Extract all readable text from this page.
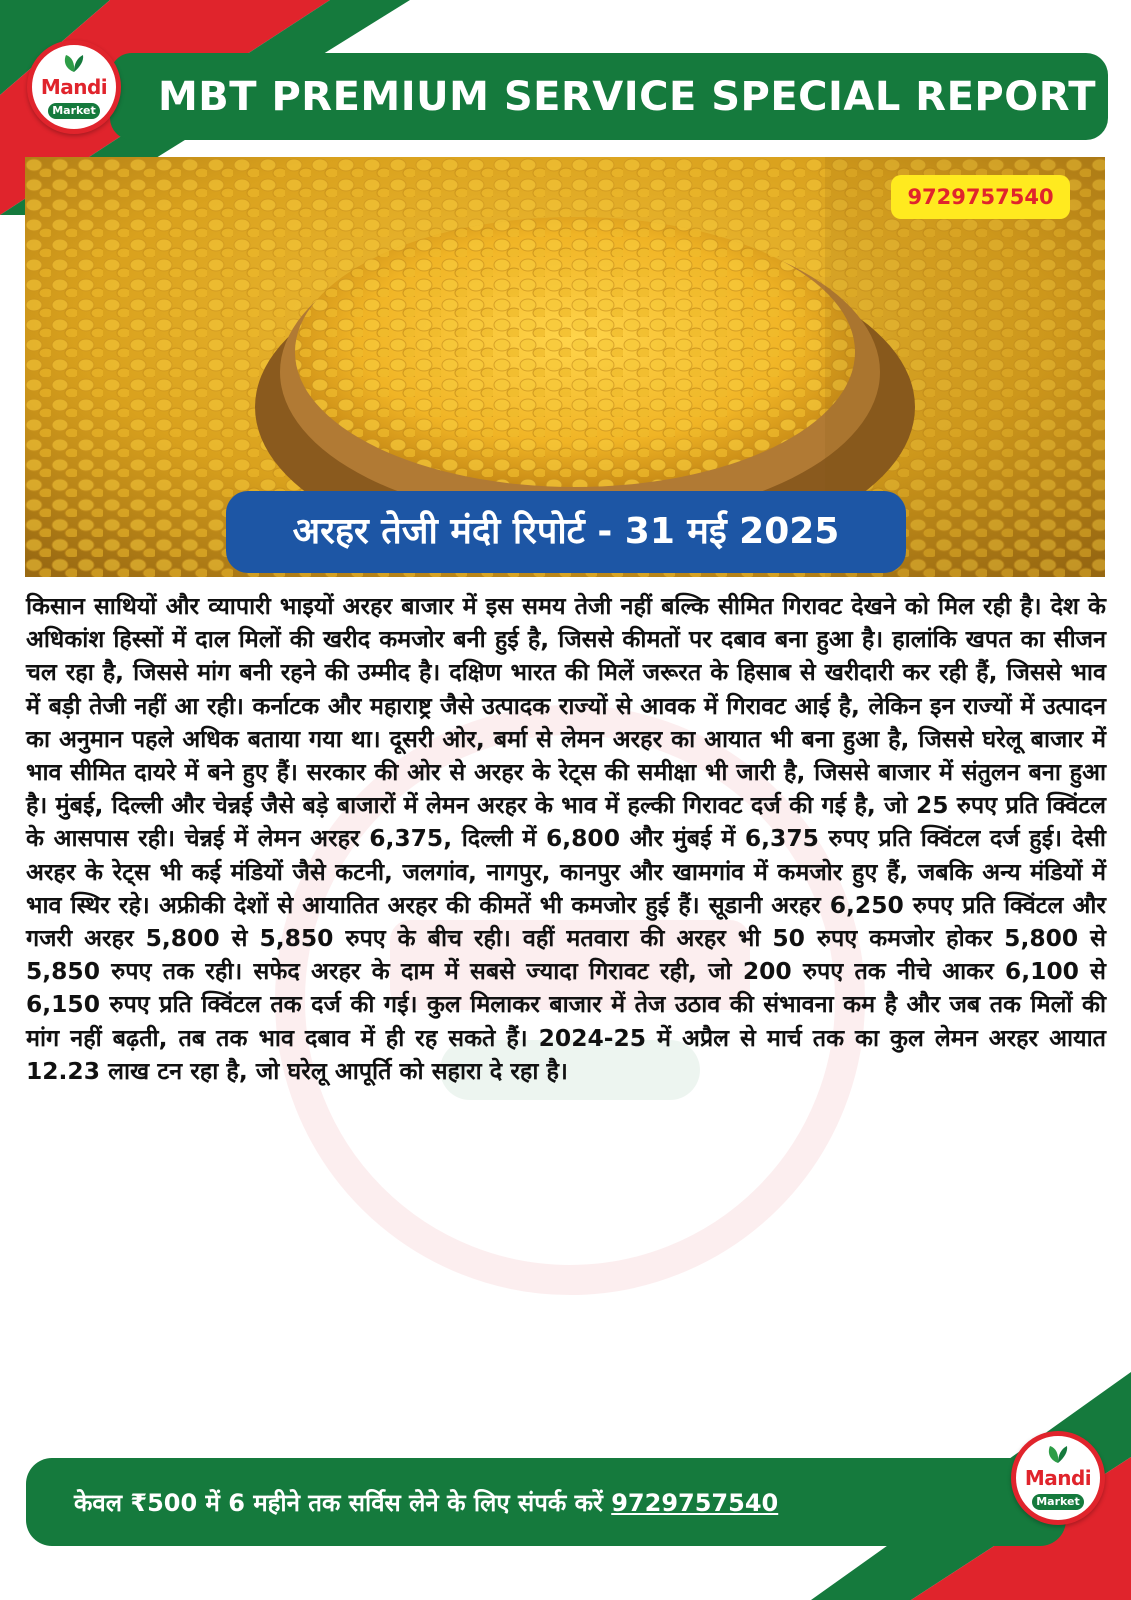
MBT PREMIUM SERVICE SPECIAL REPORT
Mandi
Market
9729757540
अरहर तेजी मंदी रिपोर्ट - 31 मई 2025
किसान साथियों और व्यापारी भाइयों अरहर बाजार में इस समय तेजी नहीं बल्कि सीमित गिरावट देखने को मिल रही है। देश के अधिकांश हिस्सों में दाल मिलों की खरीद कमजोर बनी हुई है, जिससे कीमतों पर दबाव बना हुआ है। हालांकि खपत का सीजन चल रहा है, जिससे मांग बनी रहने की उम्मीद है। दक्षिण भारत की मिलें जरूरत के हिसाब से खरीदारी कर रही हैं, जिससे भाव में बड़ी तेजी नहीं आ रही। कर्नाटक और महाराष्ट्र जैसे उत्पादक राज्यों से आवक में गिरावट आई है, लेकिन इन राज्यों में उत्पादन का अनुमान पहले अधिक बताया गया था। दूसरी ओर, बर्मा से लेमन अरहर का आयात भी बना हुआ है, जिससे घरेलू बाजार में भाव सीमित दायरे में बने हुए हैं। सरकार की ओर से अरहर के रेट्स की समीक्षा भी जारी है, जिससे बाजार में संतुलन बना हुआ है। मुंबई, दिल्ली और चेन्नई जैसे बड़े बाजारों में लेमन अरहर के भाव में हल्की गिरावट दर्ज की गई है, जो 25 रुपए प्रति क्विंटल के आसपास रही। चेन्नई में लेमन अरहर 6,375, दिल्ली में 6,800 और मुंबई में 6,375 रुपए प्रति क्विंटल दर्ज हुई। देसी अरहर के रेट्स भी कई मंडियों जैसे कटनी, जलगांव, नागपुर, कानपुर और खामगांव में कमजोर हुए हैं, जबकि अन्य मंडियों में भाव स्थिर रहे। अफ्रीकी देशों से आयातित अरहर की कीमतें भी कमजोर हुई हैं। सूडानी अरहर 6,250 रुपए प्रति क्विंटल और गजरी अरहर 5,800 से 5,850 रुपए के बीच रही। वहीं मतवारा की अरहर भी 50 रुपए कमजोर होकर 5,800 से 5,850 रुपए तक रही। सफेद अरहर के दाम में सबसे ज्यादा गिरावट रही, जो 200 रुपए तक नीचे आकर 6,100 से 6,150 रुपए प्रति क्विंटल तक दर्ज की गई। कुल मिलाकर बाजार में तेज उठाव की संभावना कम है और जब तक मिलों की मांग नहीं बढ़ती, तब तक भाव दबाव में ही रह सकते हैं। 2024-25 में अप्रैल से मार्च तक का कुल लेमन अरहर आयात 12.23 लाख टन रहा है, जो घरेलू आपूर्ति को सहारा दे रहा है।
केवल ₹500 में 6 महीने तक सर्विस लेने के लिए संपर्क करें 9729757540
Mandi
Market
